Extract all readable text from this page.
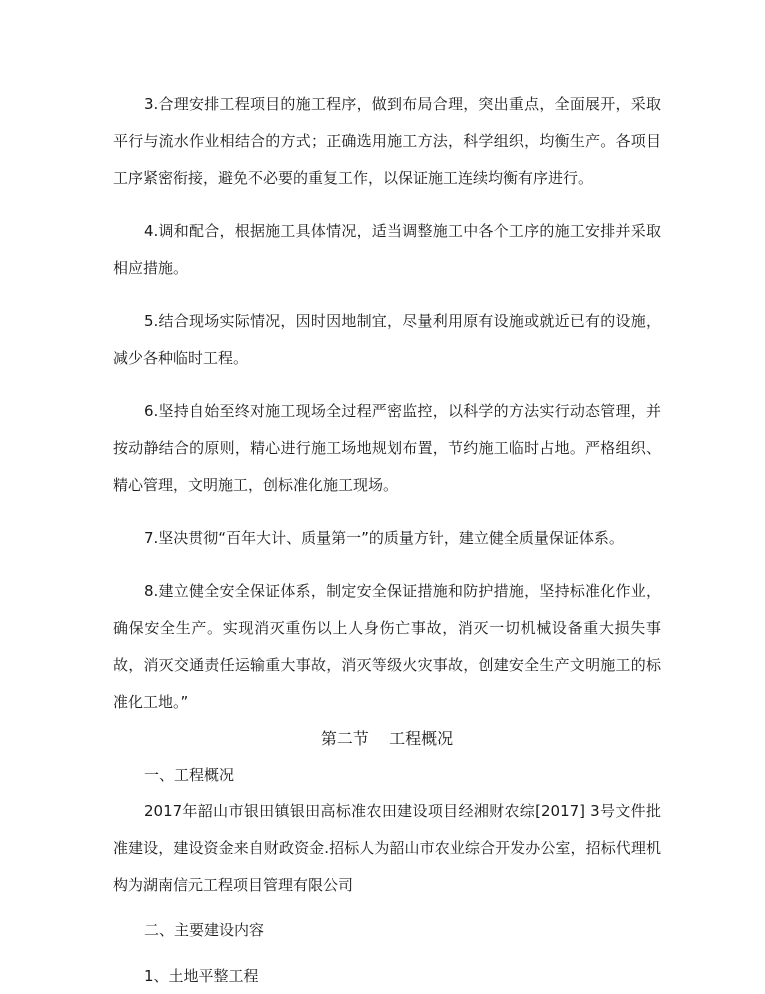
3.合理安排工程项目的施工程序，做到布局合理，突出重点，全面展开，采取平行与流水作业相结合的方式；正确选用施工方法，科学组织，均衡生产。各项目工序紧密衔接，避免不必要的重复工作，以保证施工连续均衡有序进行。

4.调和配合，根据施工具体情况，适当调整施工中各个工序的施工安排并采取相应措施。

5.结合现场实际情况，因时因地制宜，尽量利用原有设施或就近已有的设施，减少各种临时工程。

6.坚持自始至终对施工现场全过程严密监控，以科学的方法实行动态管理，并按动静结合的原则，精心进行施工场地规划布置，节约施工临时占地。严格组织、精心管理，文明施工，创标准化施工现场。

7.坚决贯彻“百年大计、质量第一”的质量方针，建立健全质量保证体系。

8.建立健全安全保证体系，制定安全保证措施和防护措施，坚持标准化作业，确保安全生产。实现消灭重伤以上人身伤亡事故，消灭一切机械设备重大损失事故，消灭交通责任运输重大事故，消灭等级火灾事故，创建安全生产文明施工的标准化工地。”

第二节    工程概况

一、工程概况

2017年韶山市银田镇银田高标准农田建设项目经湘财农综[2017] 3号文件批准建设，建设资金来自财政资金.招标人为韶山市农业综合开发办公室，招标代理机构为湖南信元工程项目管理有限公司

二、主要建设内容

1、土地平整工程
